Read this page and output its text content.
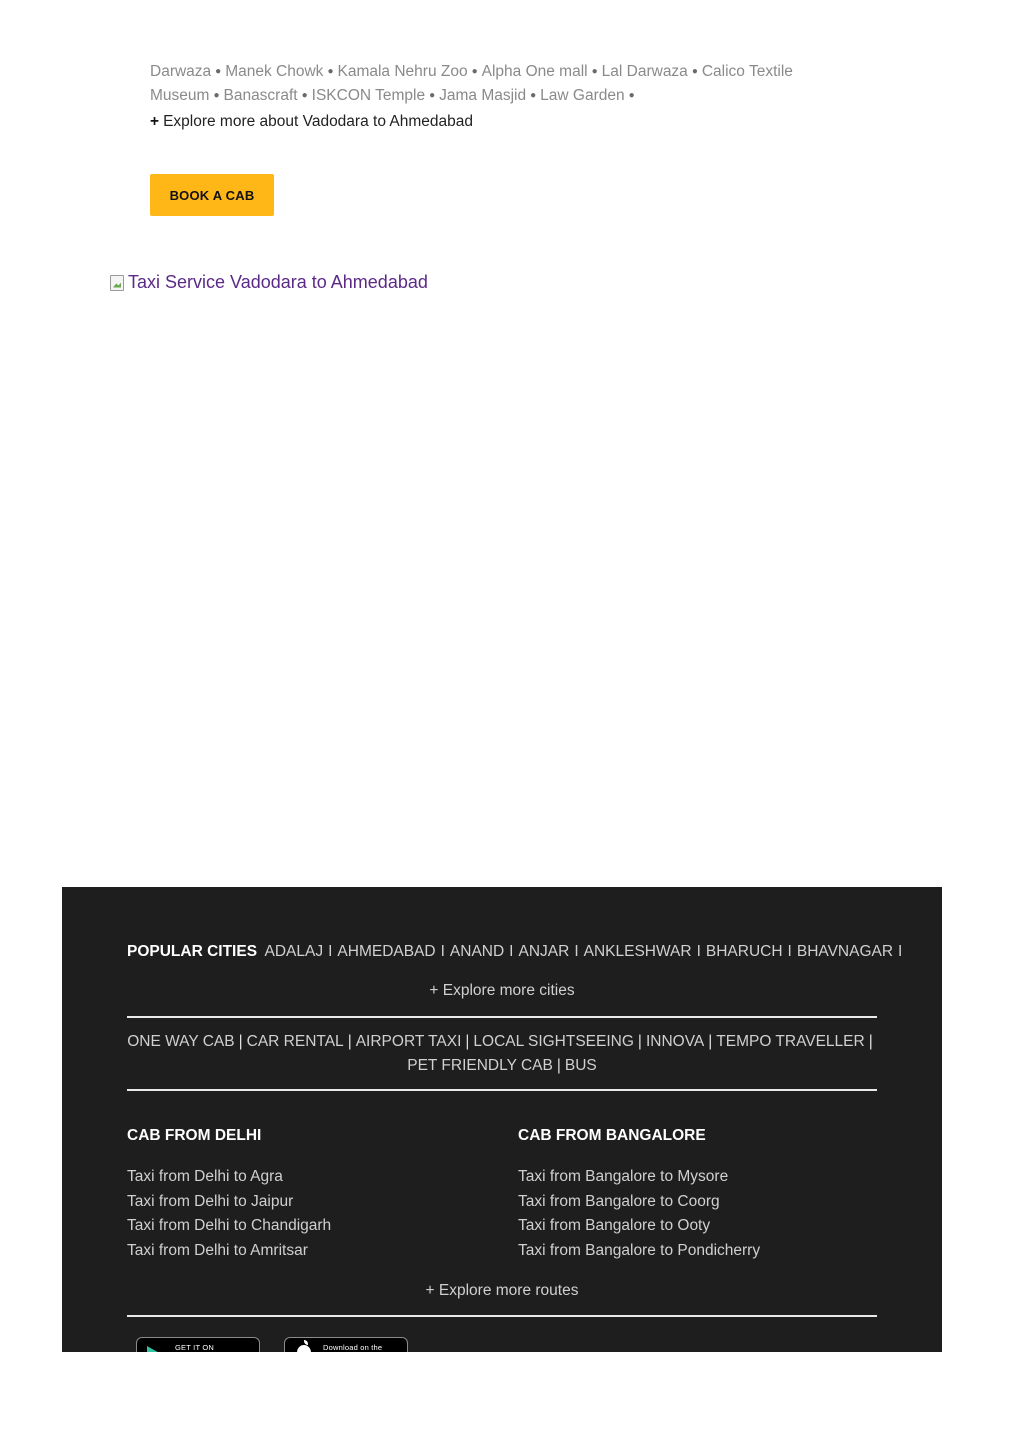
Darwaza ● Manek Chowk ● Kamala Nehru Zoo ● Alpha One mall ● Lal Darwaza ● Calico Textile Museum ● Banascraft ● ISKCON Temple ● Jama Masjid ● Law Garden ●
+ Explore more about Vadodara to Ahmedabad
BOOK A CAB
Taxi Service Vadodara to Ahmedabad
POPULAR CITIES ADALAJ I AHMEDABAD I ANAND I ANJAR I ANKLESHWAR I BHARUCH I BHAVNAGAR I
+ Explore more cities
ONE WAY CAB | CAR RENTAL | AIRPORT TAXI | LOCAL SIGHTSEEING | INNOVA | TEMPO TRAVELLER |
PET FRIENDLY CAB | BUS
CAB FROM DELHI
Taxi from Delhi to Agra
Taxi from Delhi to Jaipur
Taxi from Delhi to Chandigarh
Taxi from Delhi to Amritsar
CAB FROM BANGALORE
Taxi from Bangalore to Mysore
Taxi from Bangalore to Coorg
Taxi from Bangalore to Ooty
Taxi from Bangalore to Pondicherry
+ Explore more routes
GET IT ON	Download on the
